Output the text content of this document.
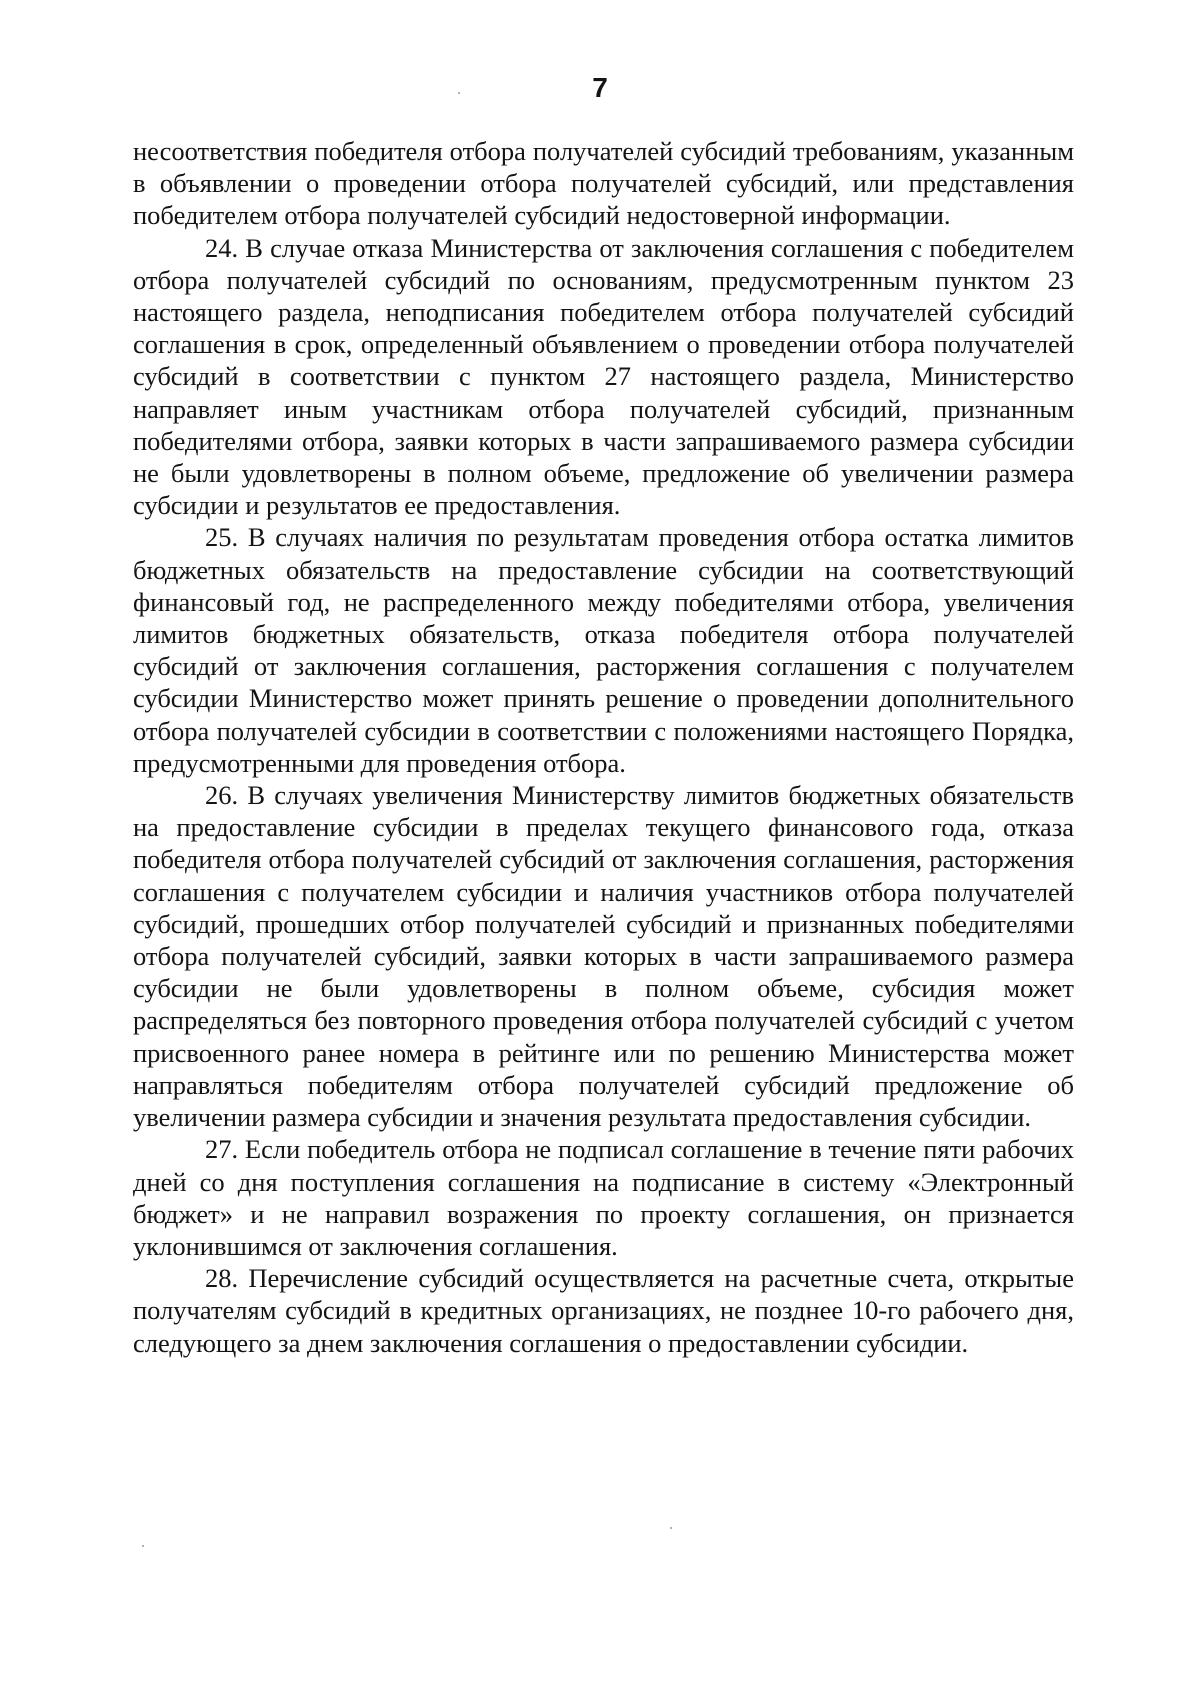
7

несоответствия победителя отбора получателей субсидий требованиям, указанным в объявлении о проведении отбора получателей субсидий, или представления победителем отбора получателей субсидий недостоверной информации.

24. В случае отказа Министерства от заключения соглашения с победителем отбора получателей субсидий по основаниям, предусмотренным пунктом 23 настоящего раздела, неподписания победителем отбора получателей субсидий соглашения в срок, определенный объявлением о проведении отбора получателей субсидий в соответствии с пунктом 27 настоящего раздела, Министерство направляет иным участникам отбора получателей субсидий, признанным победителями отбора, заявки которых в части запрашиваемого размера субсидии не были удовлетворены в полном объеме, предложение об увеличении размера субсидии и результатов ее предоставления.

25. В случаях наличия по результатам проведения отбора остатка лимитов бюджетных обязательств на предоставление субсидии на соответствующий финансовый год, не распределенного между победителями отбора, увеличения лимитов бюджетных обязательств, отказа победителя отбора получателей субсидий от заключения соглашения, расторжения соглашения с получателем субсидии Министерство может принять решение о проведении дополнительного отбора получателей субсидии в соответствии с положениями настоящего Порядка, предусмотренными для проведения отбора.

26. В случаях увеличения Министерству лимитов бюджетных обязательств на предоставление субсидии в пределах текущего финансового года, отказа победителя отбора получателей субсидий от заключения соглашения, расторжения соглашения с получателем субсидии и наличия участников отбора получателей субсидий, прошедших отбор получателей субсидий и признанных победителями отбора получателей субсидий, заявки которых в части запрашиваемого размера субсидии не были удовлетворены в полном объеме, субсидия может распределяться без повторного проведения отбора получателей субсидий с учетом присвоенного ранее номера в рейтинге или по решению Министерства может направляться победителям отбора получателей субсидий предложение об увеличении размера субсидии и значения результата предоставления субсидии.

27. Если победитель отбора не подписал соглашение в течение пяти рабочих дней со дня поступления соглашения на подписание в систему «Электронный бюджет» и не направил возражения по проекту соглашения, он признается уклонившимся от заключения соглашения.

28. Перечисление субсидий осуществляется на расчетные счета, открытые получателям субсидий в кредитных организациях, не позднее 10-го рабочего дня, следующего за днем заключения соглашения о предоставлении субсидии.
